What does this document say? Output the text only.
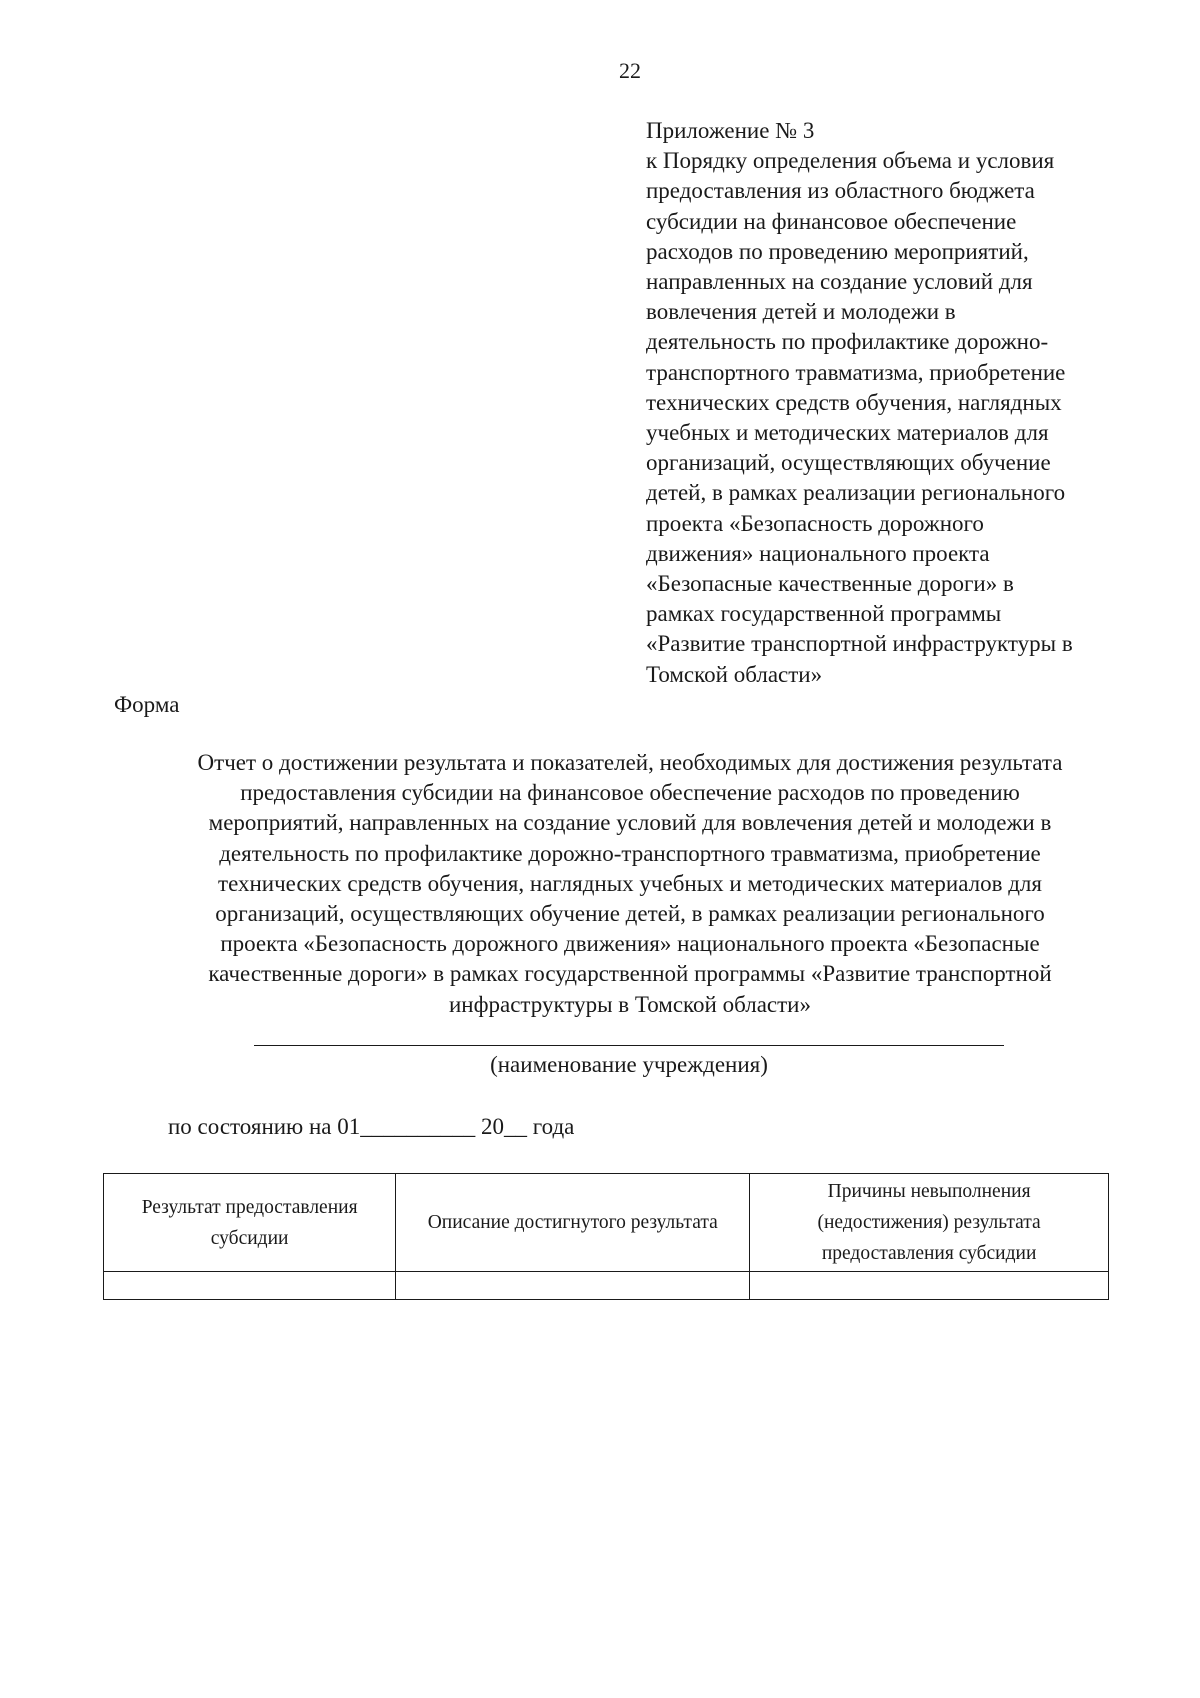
22
Приложение № 3
к Порядку определения объема и условия
предоставления из областного бюджета
субсидии на финансовое обеспечение
расходов по проведению мероприятий,
направленных на создание условий для
вовлечения детей и молодежи в
деятельность по профилактике дорожно-
транспортного травматизма, приобретение
технических средств обучения, наглядных
учебных и методических материалов для
организаций, осуществляющих обучение
детей, в рамках реализации регионального
проекта «Безопасность дорожного
движения» национального проекта
«Безопасные качественные дороги» в
рамках государственной программы
«Развитие транспортной инфраструктуры в
Томской области»
Форма
Отчет о достижении результата и показателей, необходимых для достижения результата
предоставления субсидии на финансовое обеспечение расходов по проведению
мероприятий, направленных на создание условий для вовлечения детей и молодежи в
деятельность по профилактике дорожно-транспортного травматизма, приобретение
технических средств обучения, наглядных учебных и методических материалов для
организаций, осуществляющих обучение детей, в рамках реализации регионального
проекта «Безопасность дорожного движения» национального проекта «Безопасные
качественные дороги» в рамках государственной программы «Развитие транспортной
инфраструктуры в Томской области»
(наименование учреждения)
по состоянию на 01__________ 20__ года
Результат предоставления субсидии	Описание достигнутого результата	Причины невыполнения (недостижения) результата предоставления субсидии
